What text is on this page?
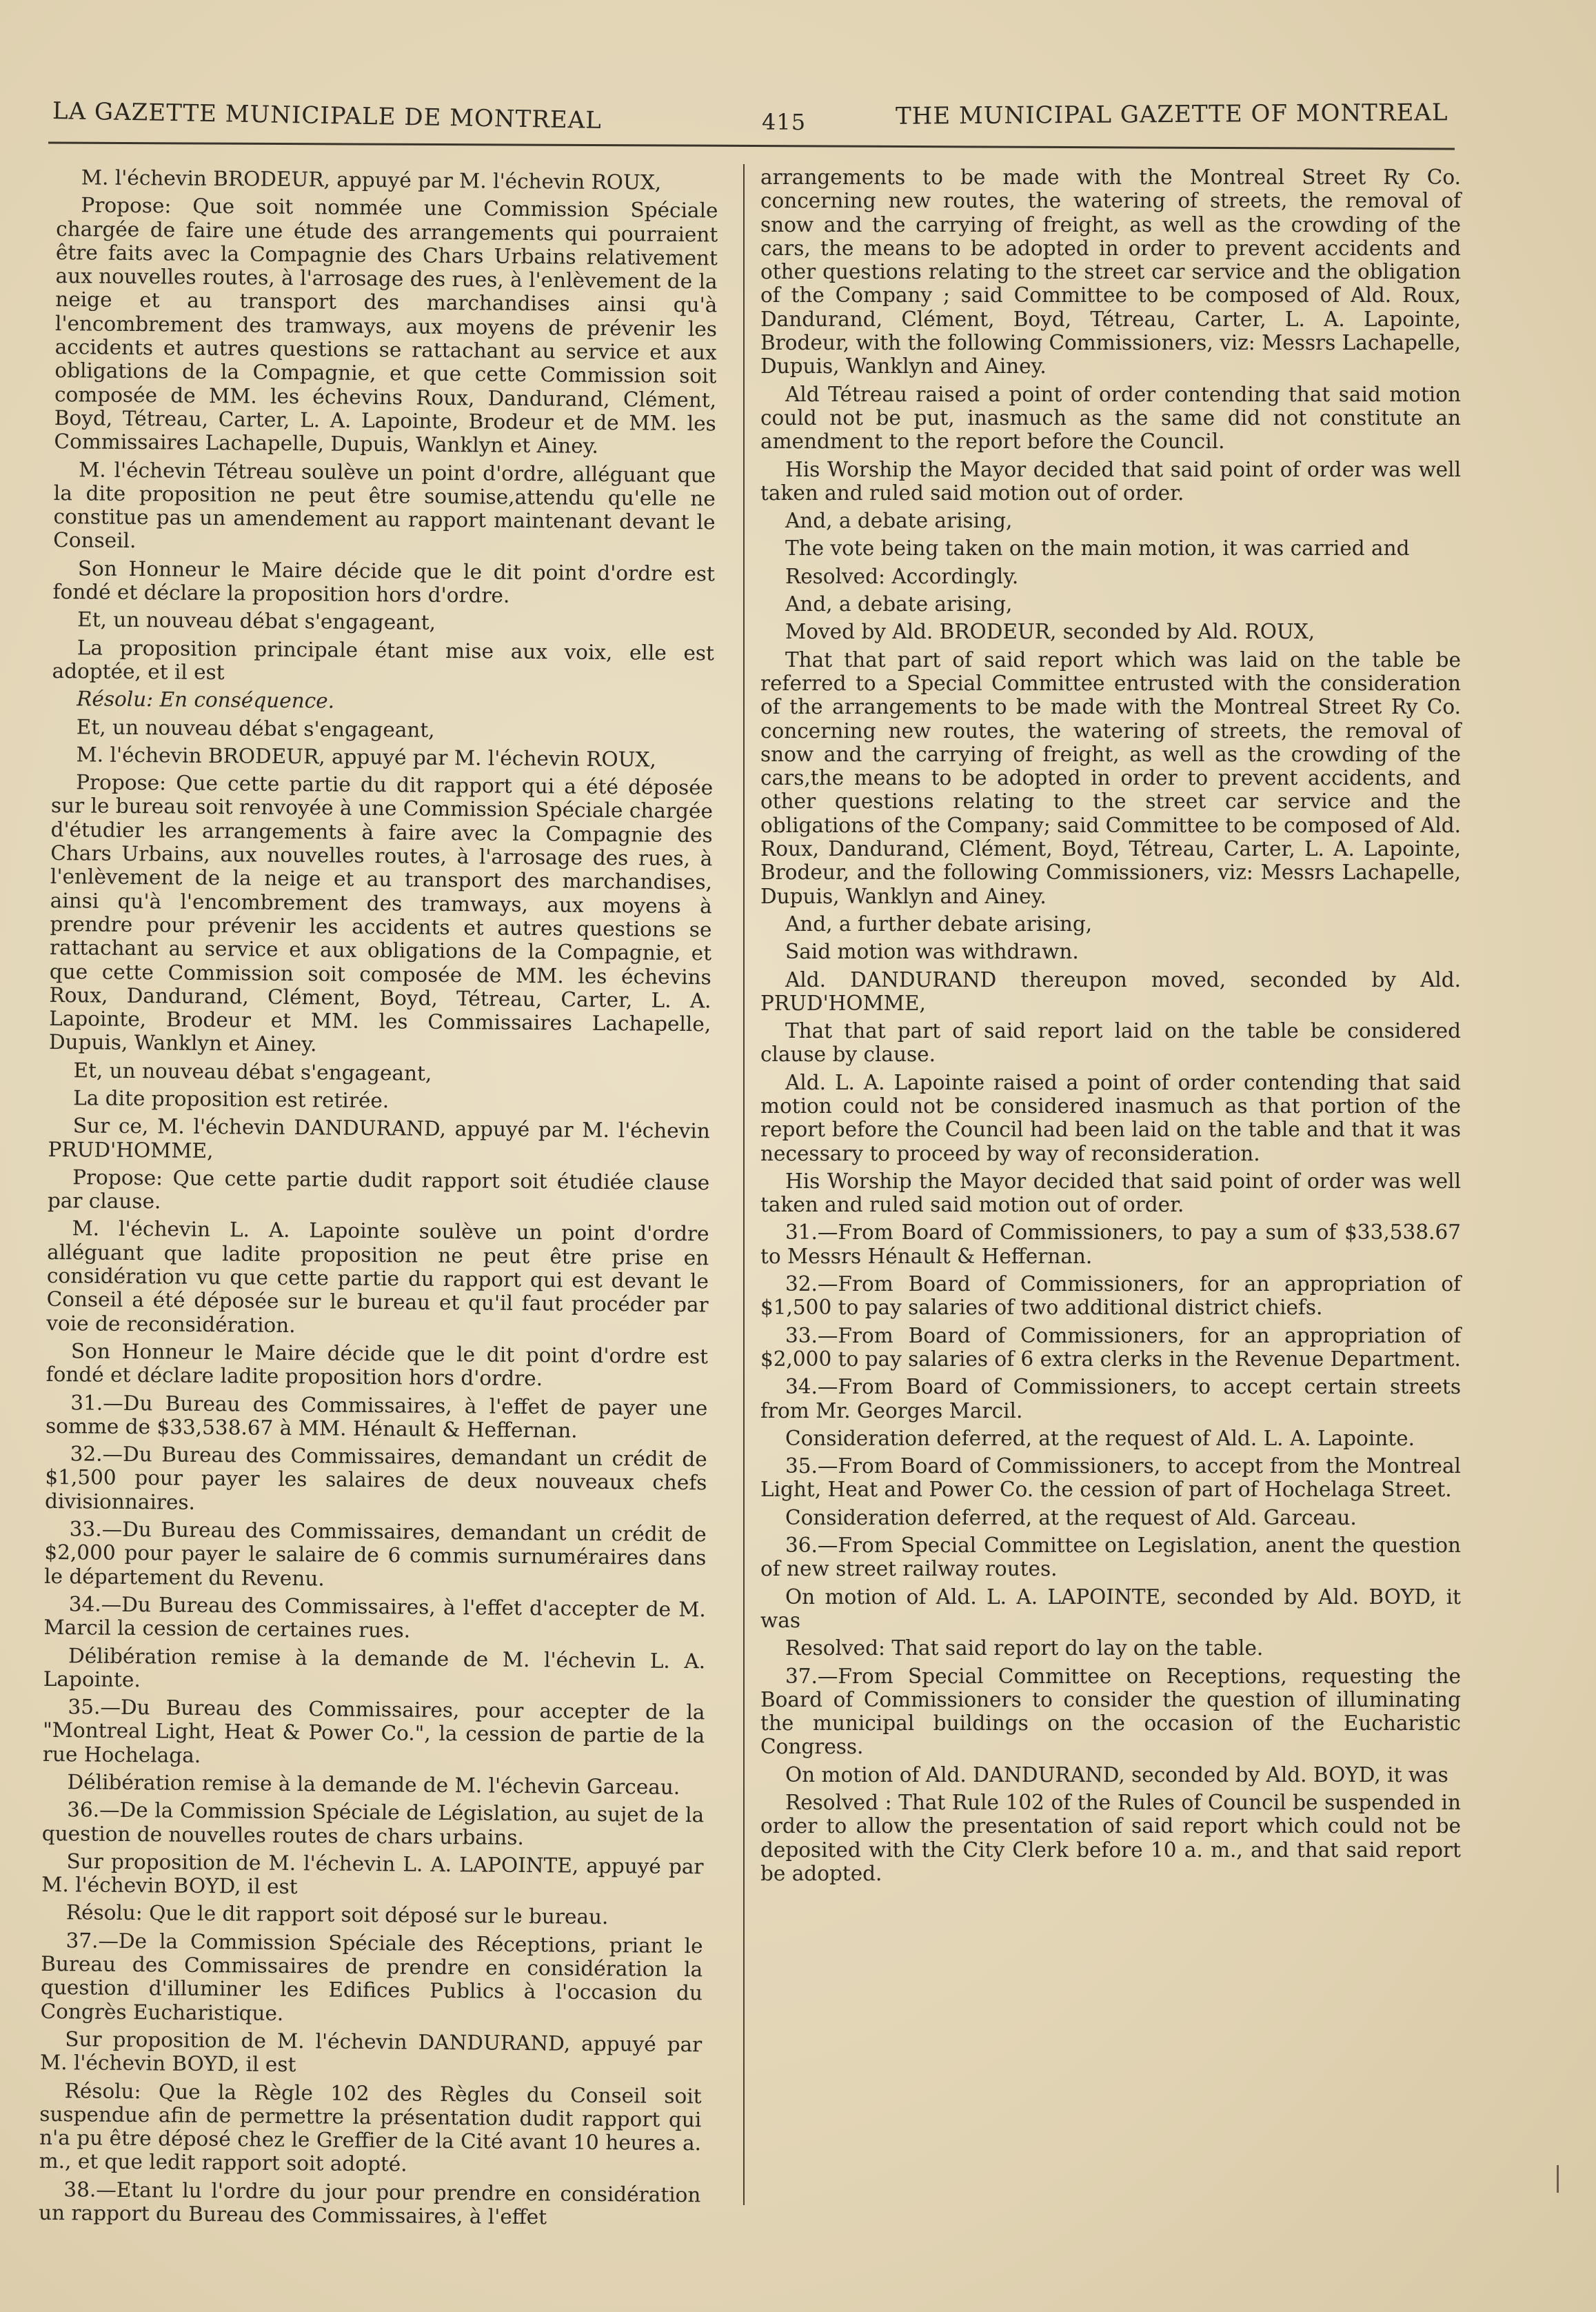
LA GAZETTE MUNICIPALE DE MONTREAL	415	THE MUNICIPAL GAZETTE OF MONTREAL

M. l'échevin BRODEUR, appuyé par M. l'échevin ROUX,

Propose: Que soit nommée une Commission Spéciale chargée de faire une étude des arrangements qui pourraient être faits avec la Compagnie des Chars Urbains relativement aux nouvelles routes, à l'arrosage des rues, à l'enlèvement de la neige et au transport des marchandises ainsi qu'à l'encombrement des tramways, aux moyens de prévenir les accidents et autres questions se rattachant au service et aux obligations de la Compagnie, et que cette Commission soit composée de MM. les échevins Roux, Dandurand, Clément, Boyd, Tétreau, Carter, L. A. Lapointe, Brodeur et de MM. les Commissaires Lachapelle, Dupuis, Wanklyn et Ainey.

M. l'échevin Tétreau soulève un point d'ordre, alléguant que la dite proposition ne peut être soumise,attendu qu'elle ne constitue pas un amendement au rapport maintenant devant le Conseil.

Son Honneur le Maire décide que le dit point d'ordre est fondé et déclare la proposition hors d'ordre.

Et, un nouveau débat s'engageant,

La proposition principale étant mise aux voix, elle est adoptée, et il est

Résolu: En conséquence.

Et, un nouveau débat s'engageant,

M. l'échevin BRODEUR, appuyé par M. l'échevin ROUX,

Propose: Que cette partie du dit rapport qui a été déposée sur le bureau soit renvoyée à une Commission Spéciale chargée d'étudier les arrangements à faire avec la Compagnie des Chars Urbains, aux nouvelles routes, à l'arrosage des rues, à l'enlèvement de la neige et au transport des marchandises, ainsi qu'à l'encombrement des tramways, aux moyens à prendre pour prévenir les accidents et autres questions se rattachant au service et aux obligations de la Compagnie, et que cette Commission soit composée de MM. les échevins Roux, Dandurand, Clément, Boyd, Tétreau, Carter, L. A. Lapointe, Brodeur et MM. les Commissaires Lachapelle, Dupuis, Wanklyn et Ainey.

Et, un nouveau débat s'engageant,

La dite proposition est retirée.

Sur ce, M. l'échevin DANDURAND, appuyé par M. l'échevin PRUD'HOMME,

Propose: Que cette partie dudit rapport soit étudiée clause par clause.

M. l'échevin L. A. Lapointe soulève un point d'ordre alléguant que ladite proposition ne peut être prise en considération vu que cette partie du rapport qui est devant le Conseil a été déposée sur le bureau et qu'il faut procéder par voie de reconsidération.

Son Honneur le Maire décide que le dit point d'ordre est fondé et déclare ladite proposition hors d'ordre.

31.—Du Bureau des Commissaires, à l'effet de payer une somme de $33,538.67 à MM. Hénault & Heffernan.

32.—Du Bureau des Commissaires, demandant un crédit de $1,500 pour payer les salaires de deux nouveaux chefs divisionnaires.

33.—Du Bureau des Commissaires, demandant un crédit de $2,000 pour payer le salaire de 6 commis surnuméraires dans le département du Revenu.

34.—Du Bureau des Commissaires, à l'effet d'accepter de M. Marcil la cession de certaines rues.

Délibération remise à la demande de M. l'échevin L. A. Lapointe.

35.—Du Bureau des Commissaires, pour accepter de la "Montreal Light, Heat & Power Co.", la cession de partie de la rue Hochelaga.

Délibération remise à la demande de M. l'échevin Garceau.

36.—De la Commission Spéciale de Législation, au sujet de la question de nouvelles routes de chars urbains.

Sur proposition de M. l'échevin L. A. LAPOINTE, appuyé par M. l'échevin BOYD, il est

Résolu: Que le dit rapport soit déposé sur le bureau.

37.—De la Commission Spéciale des Réceptions, priant le Bureau des Commissaires de prendre en considération la question d'illuminer les Edifices Publics à l'occasion du Congrès Eucharistique.

Sur proposition de M. l'échevin DANDURAND, appuyé par M. l'échevin BOYD, il est

Résolu: Que la Règle 102 des Règles du Conseil soit suspendue afin de permettre la présentation dudit rapport qui n'a pu être déposé chez le Greffier de la Cité avant 10 heures a. m., et que ledit rapport soit adopté.

38.—Etant lu l'ordre du jour pour prendre en considération un rapport du Bureau des Commissaires, à l'effet

arrangements to be made with the Montreal Street Ry Co. concerning new routes, the watering of streets, the removal of snow and the carrying of freight, as well as the crowding of the cars, the means to be adopted in order to prevent accidents and other questions relating to the street car service and the obligation of the Company ; said Committee to be composed of Ald. Roux, Dandurand, Clément, Boyd, Tétreau, Carter, L. A. Lapointe, Brodeur, with the following Commissioners, viz: Messrs Lachapelle, Dupuis, Wanklyn and Ainey.

Ald Tétreau raised a point of order contending that said motion could not be put, inasmuch as the same did not constitute an amendment to the report before the Council.

His Worship the Mayor decided that said point of order was well taken and ruled said motion out of order.

And, a debate arising,

The vote being taken on the main motion, it was carried and

Resolved: Accordingly.

And, a debate arising,

Moved by Ald. BRODEUR, seconded by Ald. ROUX,

That that part of said report which was laid on the table be referred to a Special Committee entrusted with the consideration of the arrangements to be made with the Montreal Street Ry Co. concerning new routes, the watering of streets, the removal of snow and the carrying of freight, as well as the crowding of the cars,the means to be adopted in order to prevent accidents, and other questions relating to the street car service and the obligations of the Company; said Committee to be composed of Ald. Roux, Dandurand, Clément, Boyd, Tétreau, Carter, L. A. Lapointe, Brodeur, and the following Commissioners, viz: Messrs Lachapelle, Dupuis, Wanklyn and Ainey.

And, a further debate arising,

Said motion was withdrawn.

Ald. DANDURAND thereupon moved, seconded by Ald. PRUD'HOMME,

That that part of said report laid on the table be considered clause by clause.

Ald. L. A. Lapointe raised a point of order contending that said motion could not be considered inasmuch as that portion of the report before the Council had been laid on the table and that it was necessary to proceed by way of reconsideration.

His Worship the Mayor decided that said point of order was well taken and ruled said motion out of order.

31.—From Board of Commissioners, to pay a sum of $33,538.67 to Messrs Hénault & Heffernan.

32.—From Board of Commissioners, for an appropriation of $1,500 to pay salaries of two additional district chiefs.

33.—From Board of Commissioners, for an appropriation of $2,000 to pay salaries of 6 extra clerks in the Revenue Department.

34.—From Board of Commissioners, to accept certain streets from Mr. Georges Marcil.

Consideration deferred, at the request of Ald. L. A. Lapointe.

35.—From Board of Commissioners, to accept from the Montreal Light, Heat and Power Co. the cession of part of Hochelaga Street.

Consideration deferred, at the request of Ald. Garceau.

36.—From Special Committee on Legislation, anent the question of new street railway routes.

On motion of Ald. L. A. LAPOINTE, seconded by Ald. BOYD, it was

Resolved: That said report do lay on the table.

37.—From Special Committee on Receptions, requesting the Board of Commissioners to consider the question of illuminating the municipal buildings on the occasion of the Eucharistic Congress.

On motion of Ald. DANDURAND, seconded by Ald. BOYD, it was

Resolved : That Rule 102 of the Rules of Council be suspended in order to allow the presentation of said report which could not be deposited with the City Clerk before 10 a. m., and that said report be adopted.
